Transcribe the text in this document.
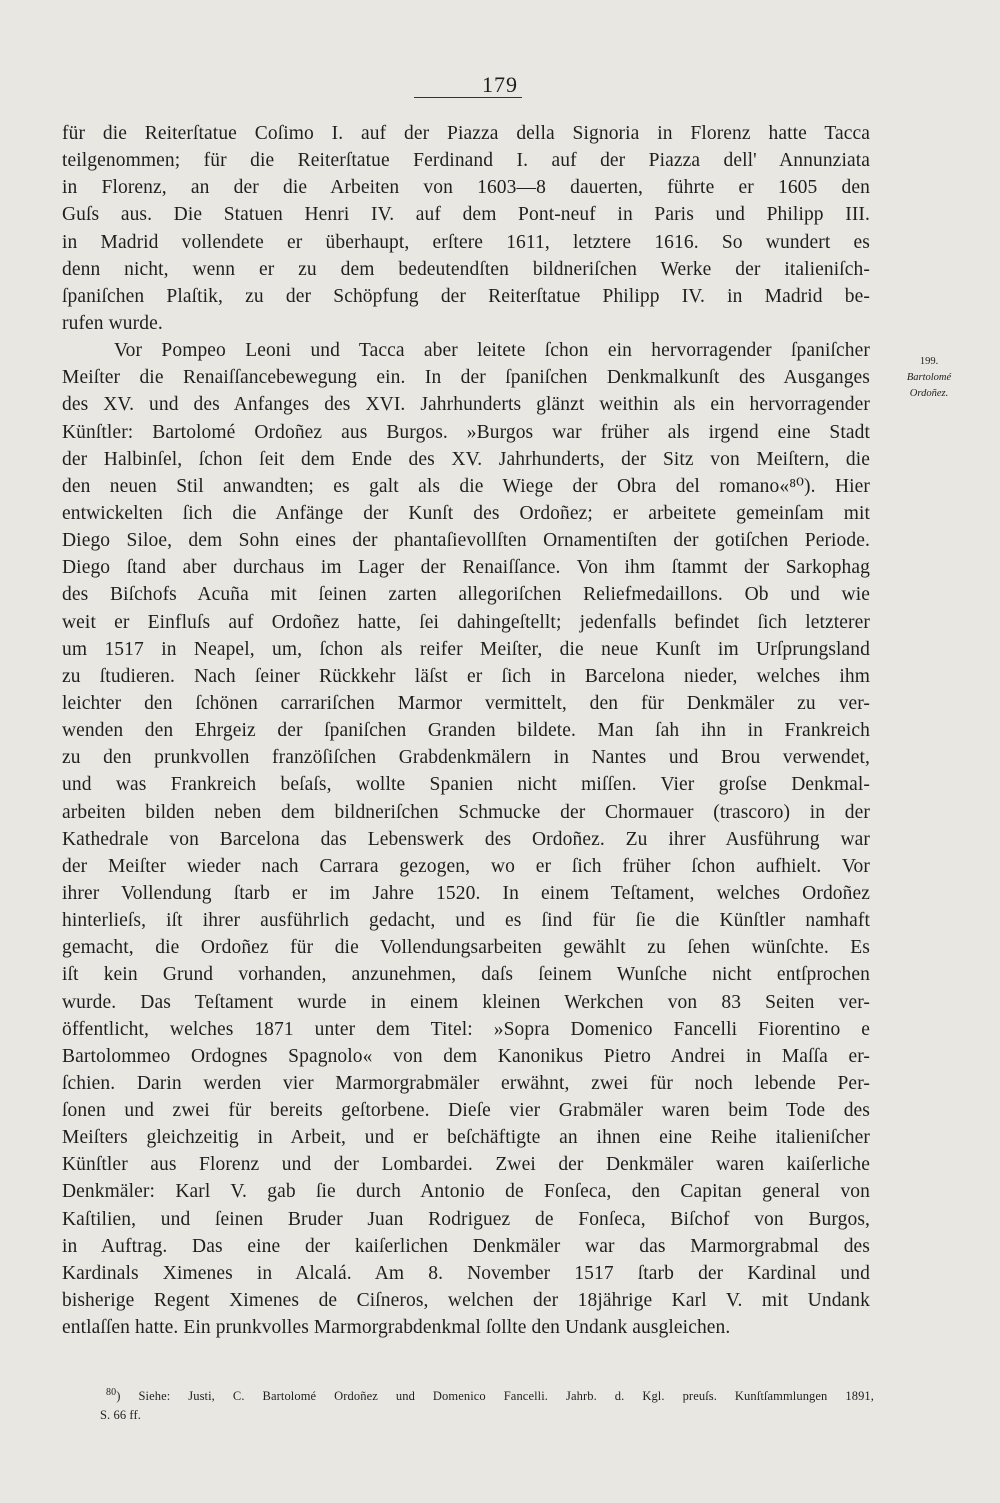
179
für die Reiterſtatue Coſimo I. auf der Piazza della Signoria in Florenz hatte Tacca
teilgenommen; für die Reiterſtatue Ferdinand I. auf der Piazza dell' Annunziata
in Florenz, an der die Arbeiten von 1603—8 dauerten, führte er 1605 den
Guſs aus. Die Statuen Henri IV. auf dem Pont-neuf in Paris und Philipp III.
in Madrid vollendete er überhaupt, erſtere 1611, letztere 1616. So wundert es
denn nicht, wenn er zu dem bedeutendſten bildneriſchen Werke der italieniſch-
ſpaniſchen Plaſtik, zu der Schöpfung der Reiterſtatue Philipp IV. in Madrid be-
rufen wurde.
Vor Pompeo Leoni und Tacca aber leitete ſchon ein hervorragender ſpaniſcher
Meiſter die Renaiſſancebewegung ein. In der ſpaniſchen Denkmalkunſt des Ausganges
des XV. und des Anfanges des XVI. Jahrhunderts glänzt weithin als ein hervorragender
Künſtler: Bartolomé Ordoñez aus Burgos. »Burgos war früher als irgend eine Stadt
der Halbinſel, ſchon ſeit dem Ende des XV. Jahrhunderts, der Sitz von Meiſtern, die
den neuen Stil anwandten; es galt als die Wiege der Obra del romano«⁸⁰). Hier
entwickelten ſich die Anfänge der Kunſt des Ordoñez; er arbeitete gemeinſam mit
Diego Siloe, dem Sohn eines der phantaſievollſten Ornamentiſten der gotiſchen Periode.
Diego ſtand aber durchaus im Lager der Renaiſſance. Von ihm ſtammt der Sarkophag
des Biſchofs Acuña mit ſeinen zarten allegoriſchen Reliefmedaillons. Ob und wie
weit er Einfluſs auf Ordoñez hatte, ſei dahingeſtellt; jedenfalls befindet ſich letzterer
um 1517 in Neapel, um, ſchon als reifer Meiſter, die neue Kunſt im Urſprungsland
zu ſtudieren. Nach ſeiner Rückkehr läſst er ſich in Barcelona nieder, welches ihm
leichter den ſchönen carrariſchen Marmor vermittelt, den für Denkmäler zu ver-
wenden den Ehrgeiz der ſpaniſchen Granden bildete. Man ſah ihn in Frankreich
zu den prunkvollen franzöſiſchen Grabdenkmälern in Nantes und Brou verwendet,
und was Frankreich beſaſs, wollte Spanien nicht miſſen. Vier groſse Denkmal-
arbeiten bilden neben dem bildneriſchen Schmucke der Chormauer (trascoro) in der
Kathedrale von Barcelona das Lebenswerk des Ordoñez. Zu ihrer Ausführung war
der Meiſter wieder nach Carrara gezogen, wo er ſich früher ſchon aufhielt. Vor
ihrer Vollendung ſtarb er im Jahre 1520. In einem Teſtament, welches Ordoñez
hinterlieſs, iſt ihrer ausführlich gedacht, und es ſind für ſie die Künſtler namhaft
gemacht, die Ordoñez für die Vollendungsarbeiten gewählt zu ſehen wünſchte. Es
iſt kein Grund vorhanden, anzunehmen, daſs ſeinem Wunſche nicht entſprochen
wurde. Das Teſtament wurde in einem kleinen Werkchen von 83 Seiten ver-
öffentlicht, welches 1871 unter dem Titel: »Sopra Domenico Fancelli Fiorentino e
Bartolommeo Ordognes Spagnolo« von dem Kanonikus Pietro Andrei in Maſſa er-
ſchien. Darin werden vier Marmorgrabmäler erwähnt, zwei für noch lebende Per-
ſonen und zwei für bereits geſtorbene. Dieſe vier Grabmäler waren beim Tode des
Meiſters gleichzeitig in Arbeit, und er beſchäftigte an ihnen eine Reihe italieniſcher
Künſtler aus Florenz und der Lombardei. Zwei der Denkmäler waren kaiſerliche
Denkmäler: Karl V. gab ſie durch Antonio de Fonſeca, den Capitan general von
Kaſtilien, und ſeinen Bruder Juan Rodriguez de Fonſeca, Biſchof von Burgos,
in Auftrag. Das eine der kaiſerlichen Denkmäler war das Marmorgrabmal des
Kardinals Ximenes in Alcalá. Am 8. November 1517 ſtarb der Kardinal und
bisherige Regent Ximenes de Ciſneros, welchen der 18jährige Karl V. mit Undank
entlaſſen hatte. Ein prunkvolles Marmorgrabdenkmal ſollte den Undank ausgleichen.
199.
Bartolomé
Ordoñez.
$^{80}$) Siehe: Justi, C. Bartolomé Ordoñez und Domenico Fancelli. Jahrb. d. Kgl. preuſs. Kunſtſammlungen 1891,
S. 66 ff.
